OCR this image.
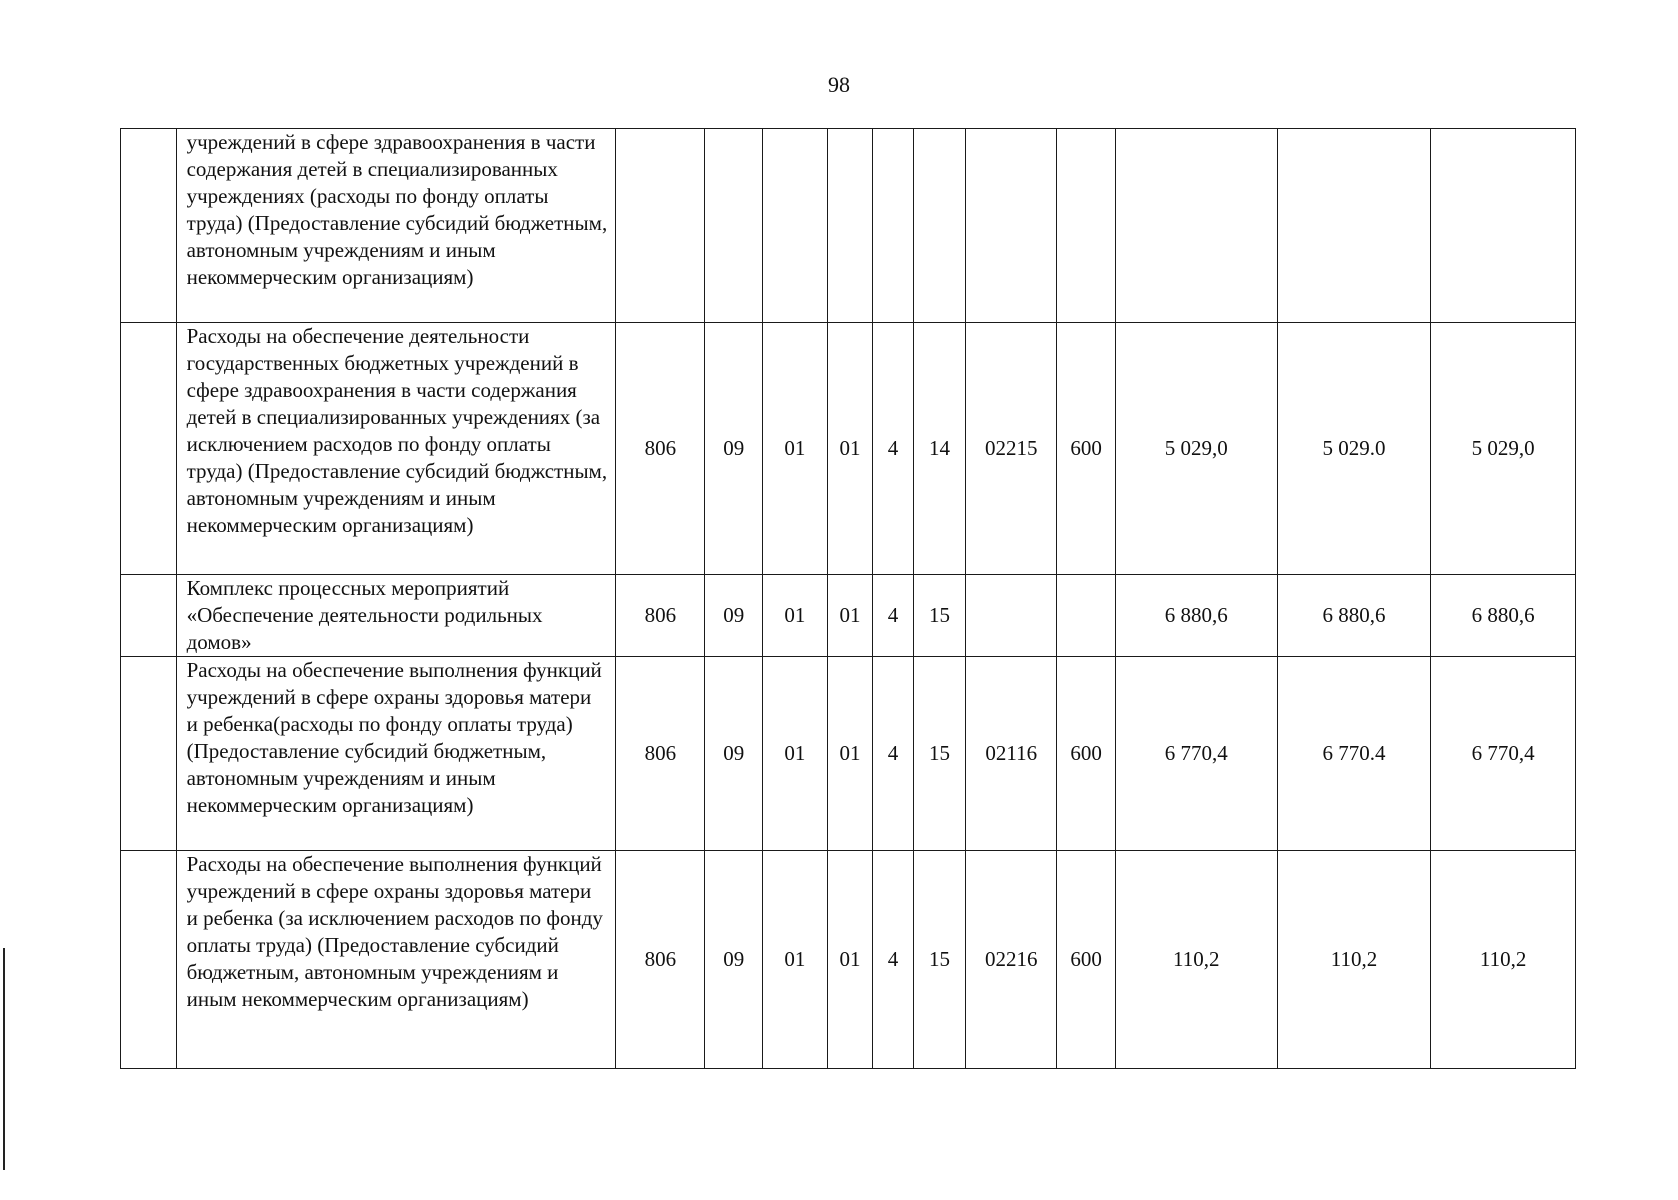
98
	учреждений в сфере здравоохранения в части содержания детей в специализированных учреждениях (расходы по фонду оплаты труда) (Предоставление субсидий бюджетным, автономным учреждениям и иным некоммерческим организациям)											
	Расходы на обеспечение деятельности государственных бюджетных учреждений в сфере здравоохранения в части содержания детей в специализированных учреждениях (за исключением расходов по фонду оплаты труда) (Предоставление субсидий бюджстным, автономным учреждениям и иным некоммерческим организациям)	806	09	01	01	4	14	02215	600	5 029,0	5 029.0	5 029,0
	Комплекс процессных мероприятий «Обеспечение деятельности родильных домов»	806	09	01	01	4	15			6 880,6	6 880,6	6 880,6
	Расходы на обеспечение выполнения функций учреждений в сфере охраны здоровья матери и ребенка(расходы по фонду оплаты труда) (Предоставление субсидий бюджетным, автономным учреждениям и иным некоммерческим организациям)	806	09	01	01	4	15	02116	600	6 770,4	6 770.4	6 770,4
	Расходы на обеспечение выполнения функций учреждений в сфере охраны здоровья матери и ребенка (за исключением расходов по фонду оплаты труда) (Предоставление субсидий бюджетным, автономным учреждениям и иным некоммерческим организациям)	806	09	01	01	4	15	02216	600	110,2	110,2	110,2
